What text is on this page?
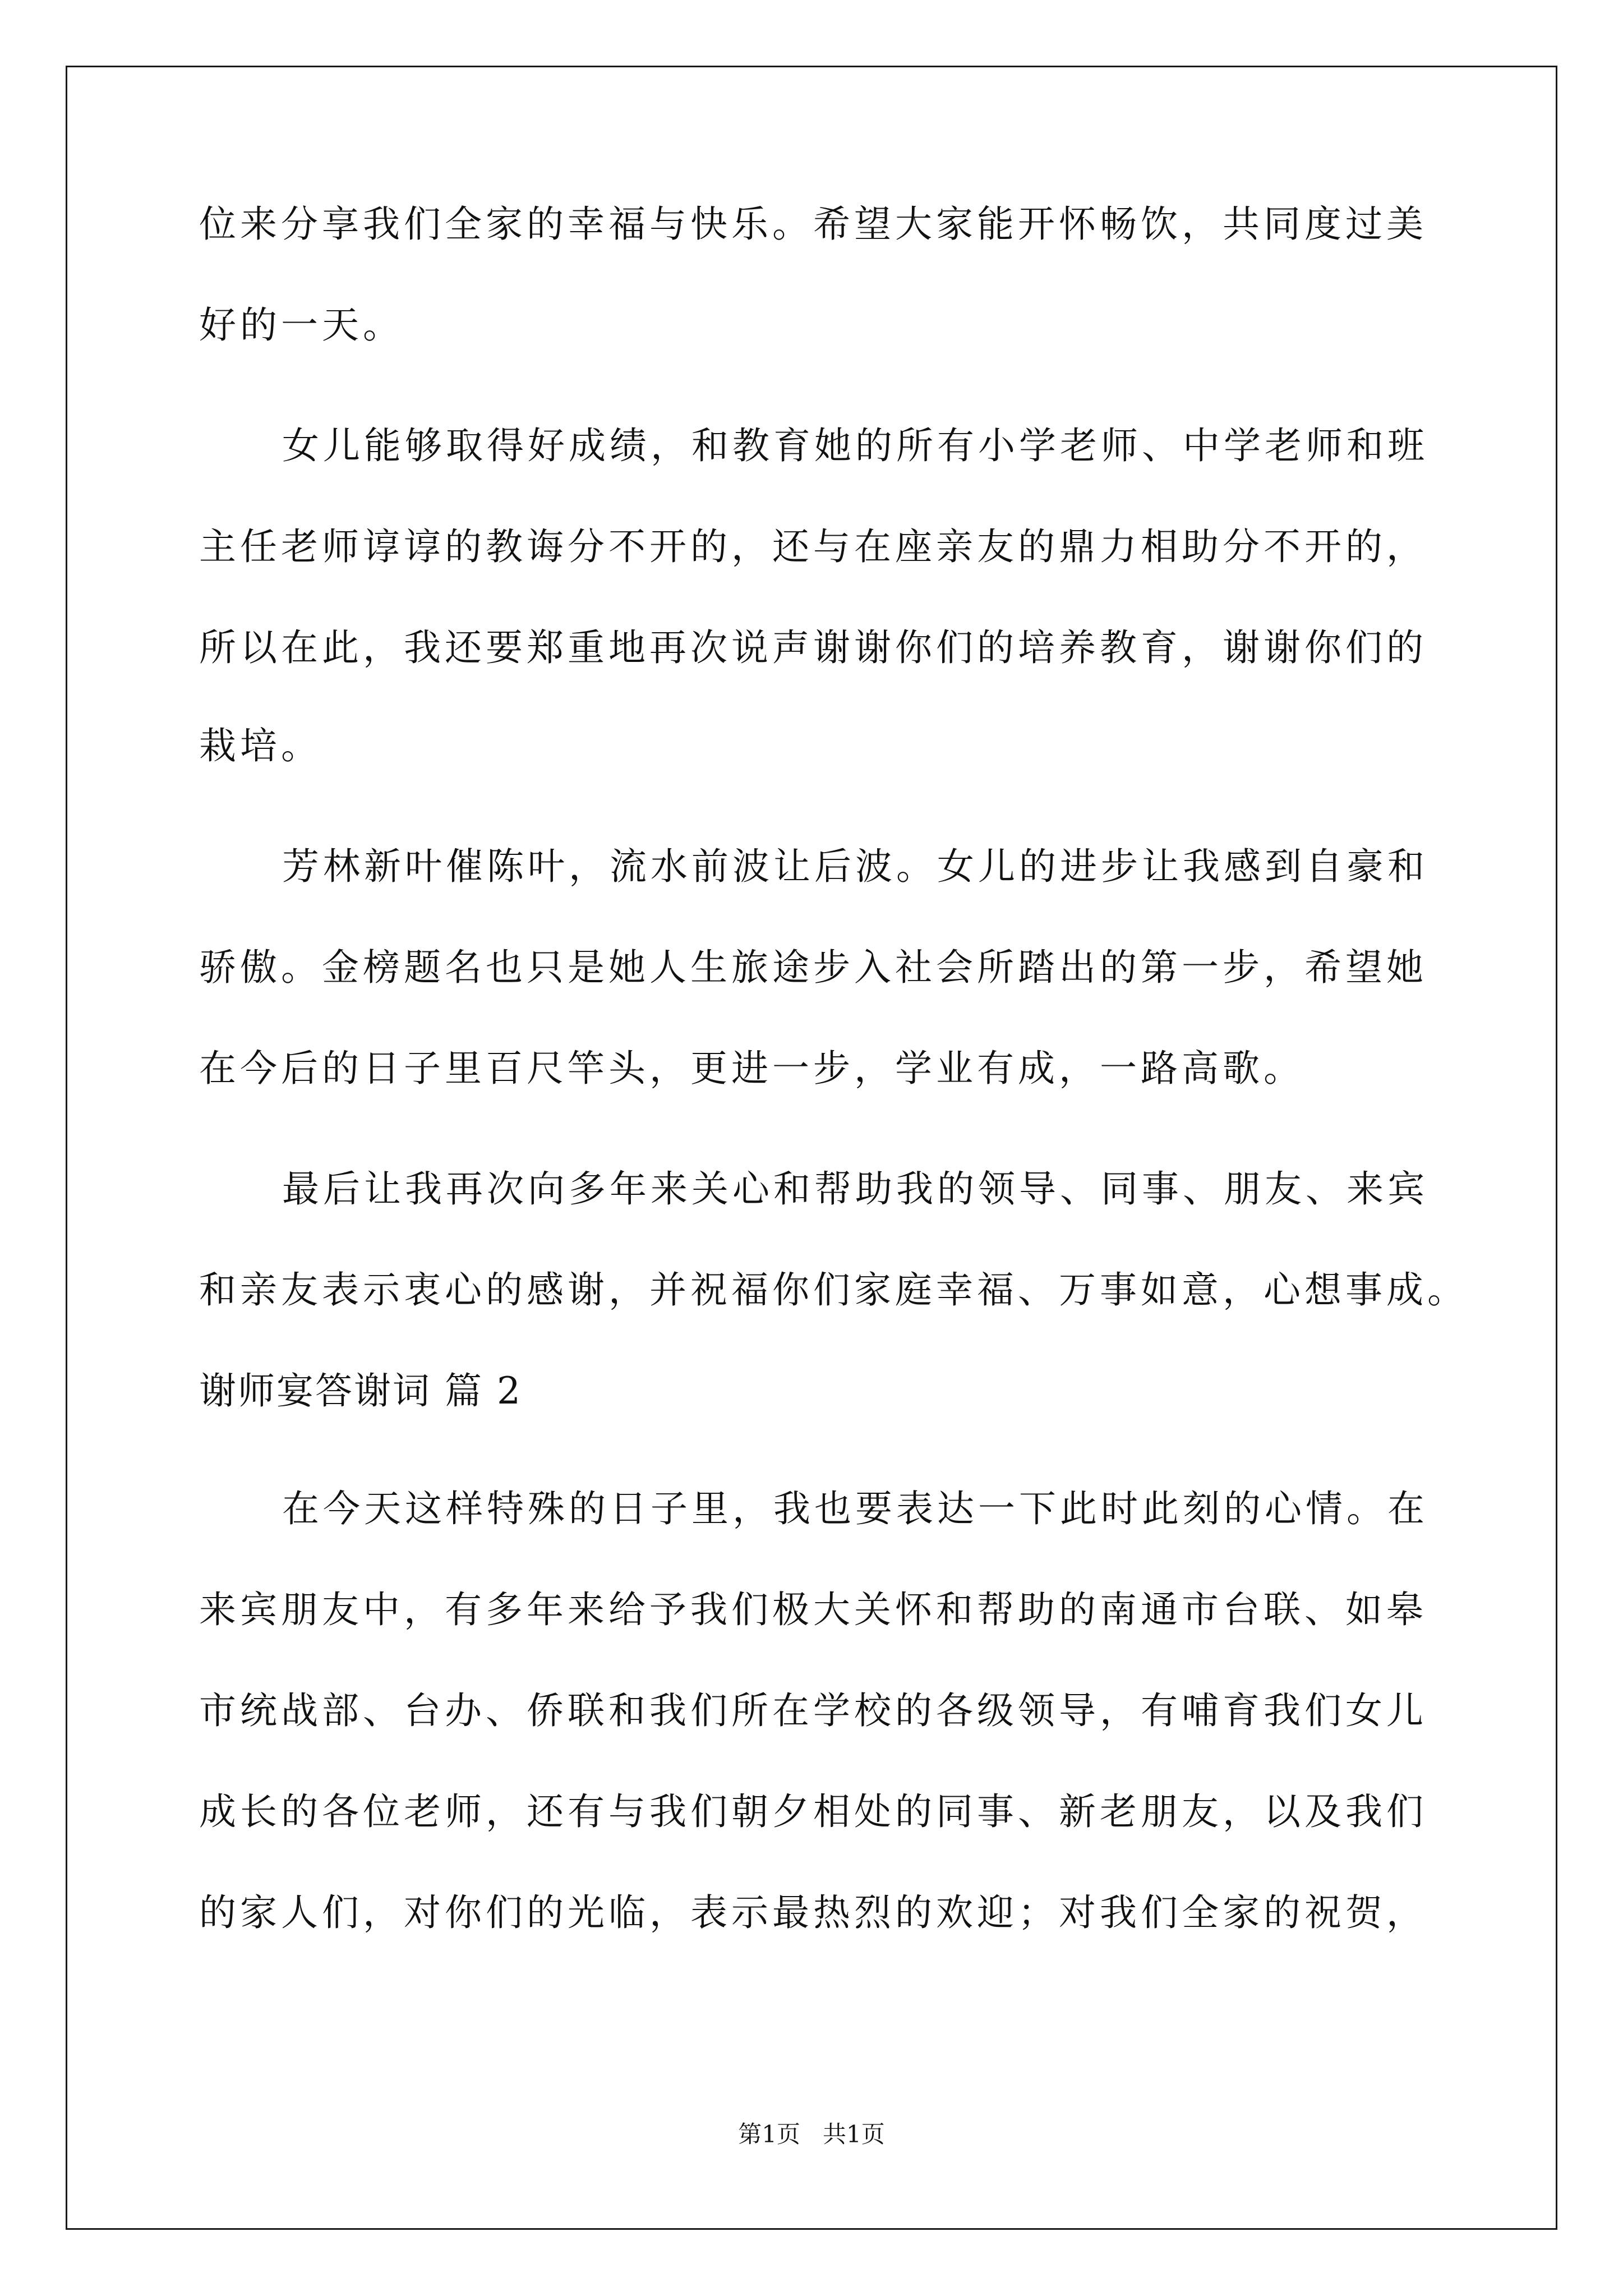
位来分享我们全家的幸福与快乐。希望大家能开怀畅饮，共同度过美
好的一天。
女儿能够取得好成绩，和教育她的所有小学老师、中学老师和班
主任老师谆谆的教诲分不开的，还与在座亲友的鼎力相助分不开的，
所以在此，我还要郑重地再次说声谢谢你们的培养教育，谢谢你们的
栽培。
芳林新叶催陈叶，流水前波让后波。女儿的进步让我感到自豪和
骄傲。金榜题名也只是她人生旅途步入社会所踏出的第一步，希望她
在今后的日子里百尺竿头，更进一步，学业有成，一路高歌。
最后让我再次向多年来关心和帮助我的领导、同事、朋友、来宾
和亲友表示衷心的感谢，并祝福你们家庭幸福、万事如意，心想事成。
谢师宴答谢词 篇 2
在今天这样特殊的日子里，我也要表达一下此时此刻的心情。在
来宾朋友中，有多年来给予我们极大关怀和帮助的南通市台联、如皋
市统战部、台办、侨联和我们所在学校的各级领导，有哺育我们女儿
成长的各位老师，还有与我们朝夕相处的同事、新老朋友，以及我们
的家人们，对你们的光临，表示最热烈的欢迎；对我们全家的祝贺，
第1页   共1页
